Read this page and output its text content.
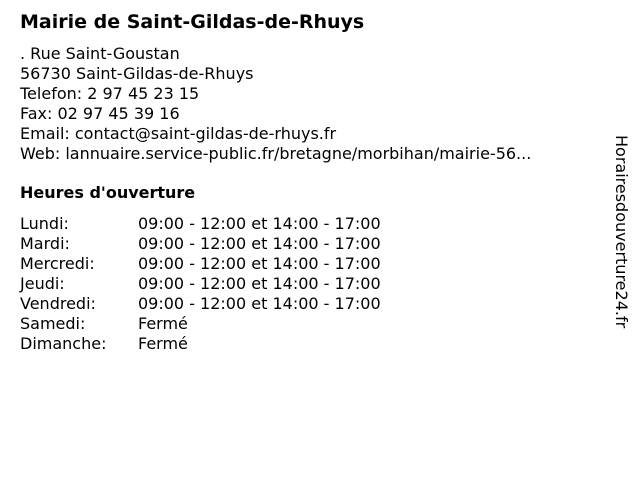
Mairie de Saint-Gildas-de-Rhuys
. Rue Saint-Goustan
56730 Saint-Gildas-de-Rhuys
Telefon: 2 97 45 23 15
Fax: 02 97 45 39 16
Email: contact@saint-gildas-de-rhuys.fr
Web: lannuaire.service-public.fr/bretagne/morbihan/mairie-56...
Heures d'ouverture
Lundi:	09:00 - 12:00 et 14:00 - 17:00
Mardi:	09:00 - 12:00 et 14:00 - 17:00
Mercredi:	09:00 - 12:00 et 14:00 - 17:00
Jeudi:	09:00 - 12:00 et 14:00 - 17:00
Vendredi:	09:00 - 12:00 et 14:00 - 17:00
Samedi:	Fermé
Dimanche: Fermé
Horairesdouverture24.fr
